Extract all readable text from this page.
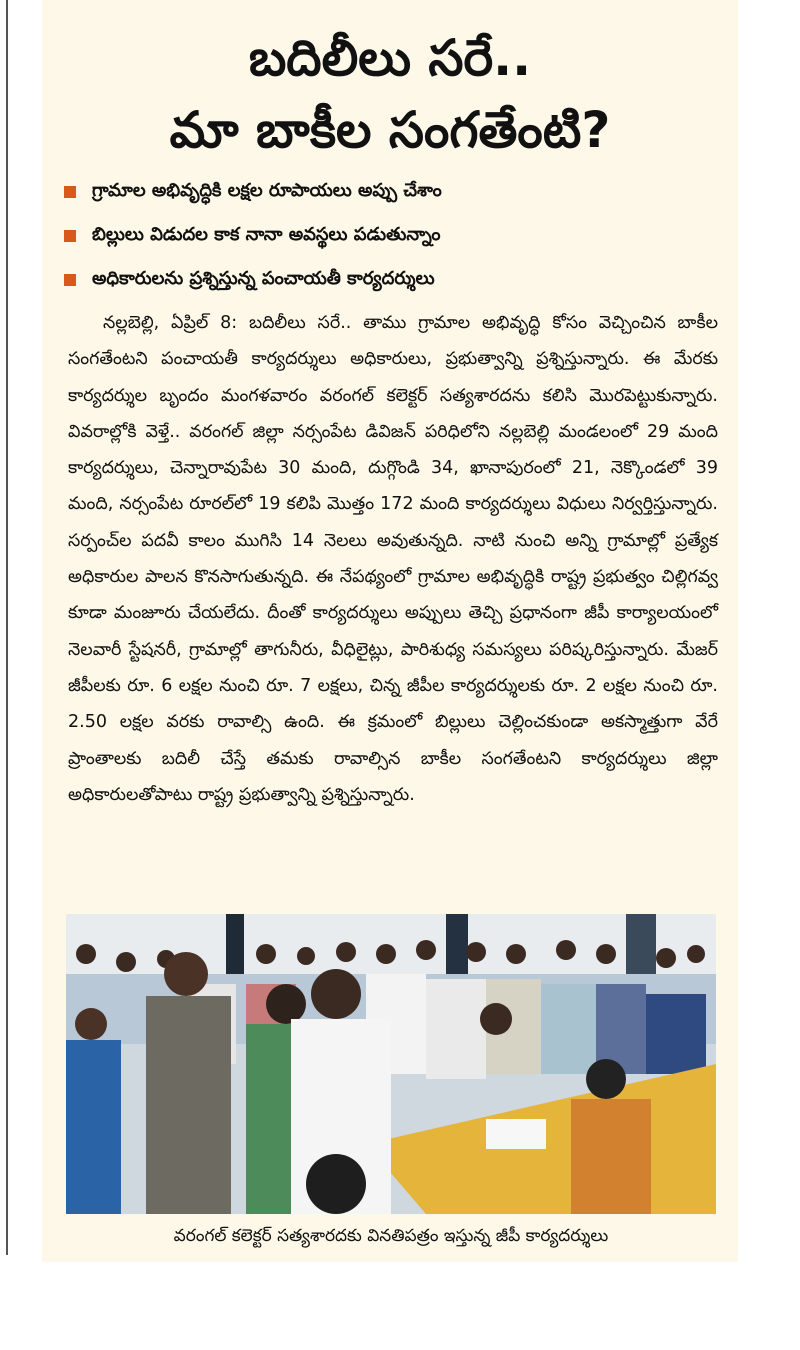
బదిలీలు సరే..
మా బాకీల సంగతేంటి?
గ్రామాల అభివృద్ధికి లక్షల రూపాయలు అప్పు చేశాం
బిల్లులు విడుదల కాక నానా అవస్థలు పడుతున్నాం
అధికారులను ప్రశ్నిస్తున్న పంచాయతీ కార్యదర్శులు

నల్లబెల్లి, ఏప్రిల్ 8: బదిలీలు సరే.. తాము గ్రామాల అభివృద్ధి కోసం వెచ్చించిన బాకీల సంగతేంటని పంచాయతీ కార్యదర్శులు అధికారులు, ప్రభుత్వాన్ని ప్రశ్నిస్తున్నారు. ఈ మేరకు కార్యదర్శుల బృందం మంగళవారం వరంగల్ కలెక్టర్ సత్యశారదను కలిసి మొరపెట్టుకున్నారు. వివరాల్లోకి వెళ్తే.. వరంగల్ జిల్లా నర్సంపేట డివిజన్ పరిధిలోని నల్లబెల్లి మండలంలో 29 మంది కార్యదర్శులు, చెన్నారావుపేట 30 మంది, దుగ్గొండి 34, ఖానాపురంలో 21, నెక్కొండలో 39 మంది, నర్సంపేట రూరల్‌లో 19 కలిపి మొత్తం 172 మంది కార్యదర్శులు విధులు నిర్వర్తిస్తున్నారు. సర్పంచ్‌ల పదవీ కాలం ముగిసి 14 నెలలు అవుతున్నది. నాటి నుంచి అన్ని గ్రామాల్లో ప్రత్యేక అధికారుల పాలన కొనసాగుతున్నది. ఈ నేపథ్యంలో గ్రామాల అభివృద్ధికి రాష్ట్ర ప్రభుత్వం చిల్లిగవ్వ కూడా మంజూరు చేయలేదు. దీంతో కార్యదర్శులు అప్పులు తెచ్చి ప్రధానంగా జీపీ కార్యాలయంలో నెలవారీ స్టేషనరీ, గ్రామాల్లో తాగునీరు, వీధిలైట్లు, పారిశుధ్య సమస్యలు పరిష్కరిస్తున్నారు. మేజర్ జీపీలకు రూ. 6 లక్షల నుంచి రూ. 7 లక్షలు, చిన్న జీపీల కార్యదర్శులకు రూ. 2 లక్షల నుంచి రూ. 2.50 లక్షల వరకు రావాల్సి ఉంది. ఈ క్రమంలో బిల్లులు చెల్లించకుండా అకస్మాత్తుగా వేరే ప్రాంతాలకు బదిలీ చేస్తే తమకు రావాల్సిన బాకీల సంగతేంటని కార్యదర్శులు జిల్లా అధికారులతోపాటు రాష్ట్ర ప్రభుత్వాన్ని ప్రశ్నిస్తున్నారు.

వరంగల్ కలెక్టర్ సత్యశారదకు వినతిపత్రం ఇస్తున్న జీపీ కార్యదర్శులు
